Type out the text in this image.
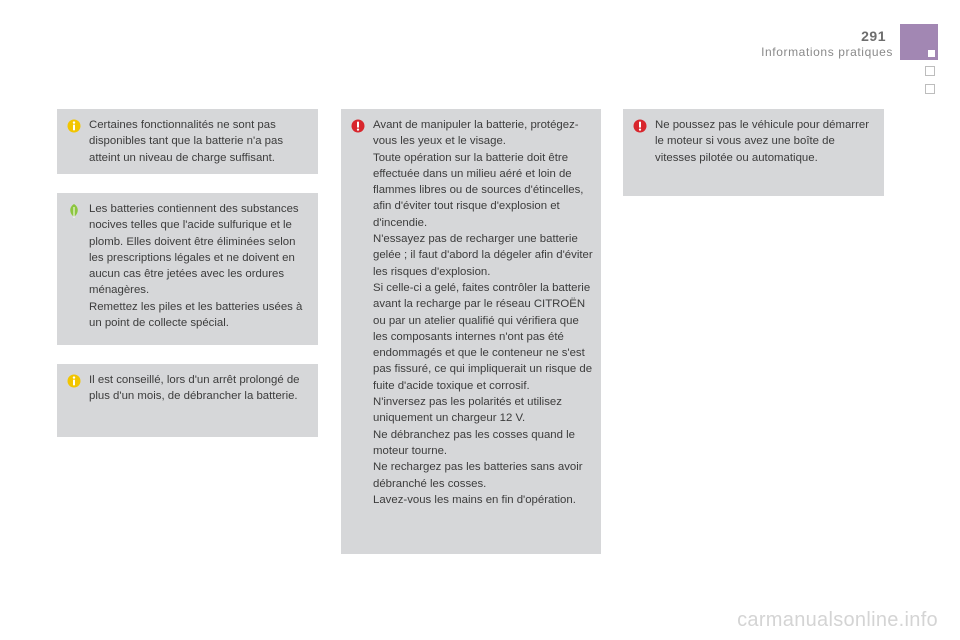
291
Informations pratiques

Certaines fonctionnalités ne sont pas disponibles tant que la batterie n'a pas atteint un niveau de charge suffisant.

Les batteries contiennent des substances nocives telles que l'acide sulfurique et le plomb. Elles doivent être éliminées selon les prescriptions légales et ne doivent en aucun cas être jetées avec les ordures ménagères.
Remettez les piles et les batteries usées à un point de collecte spécial.

Il est conseillé, lors d'un arrêt prolongé de plus d'un mois, de débrancher la batterie.

Avant de manipuler la batterie, protégez-vous les yeux et le visage.
Toute opération sur la batterie doit être effectuée dans un milieu aéré et loin de flammes libres ou de sources d'étincelles, afin d'éviter tout risque d'explosion et d'incendie.
N'essayez pas de recharger une batterie gelée ; il faut d'abord la dégeler afin d'éviter les risques d'explosion.
Si celle-ci a gelé, faites contrôler la batterie avant la recharge par le réseau CITROËN ou par un atelier qualifié qui vérifiera que les composants internes n'ont pas été endommagés et que le conteneur ne s'est pas fissuré, ce qui impliquerait un risque de fuite d'acide toxique et corrosif.
N'inversez pas les polarités et utilisez uniquement un chargeur 12 V.
Ne débranchez pas les cosses quand le moteur tourne.
Ne rechargez pas les batteries sans avoir débranché les cosses.
Lavez-vous les mains en fin d'opération.

Ne poussez pas le véhicule pour démarrer le moteur si vous avez une boîte de vitesses pilotée ou automatique.

carmanualsonline.info
